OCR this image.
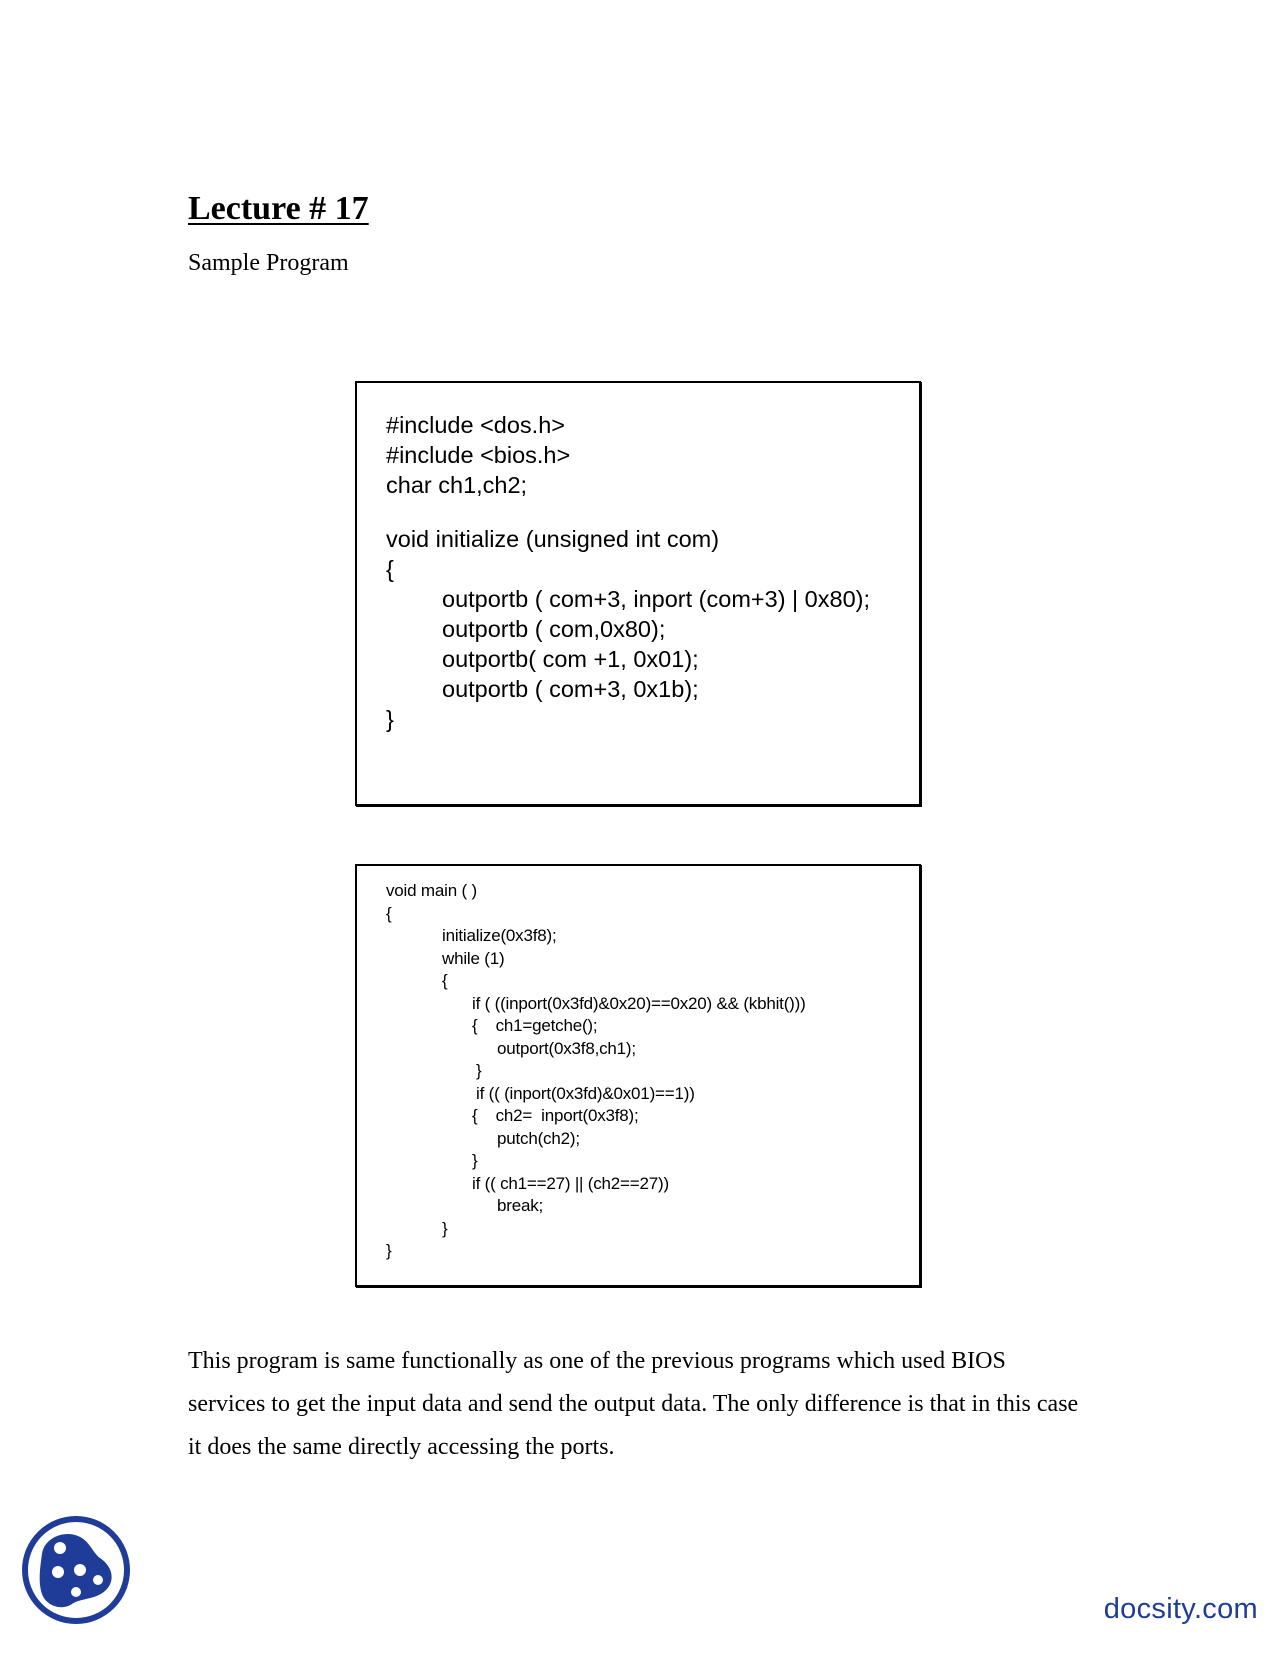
Lecture # 17

Sample Program

#include <dos.h>
#include <bios.h>
char ch1,ch2;
void initialize (unsigned int com)
{
outportb ( com+3, inport (com+3) | 0x80);
outportb ( com,0x80);
outportb( com +1, 0x01);
outportb ( com+3, 0x1b);
}
void main ( )
{
initialize(0x3f8);
while (1)
{
if ( ((inport(0x3fd)&0x20)==0x20) && (kbhit()))
{    ch1=getche();
outport(0x3f8,ch1);
}
if (( (inport(0x3fd)&0x01)==1))
{    ch2=  inport(0x3f8);
putch(ch2);
}
if (( ch1==27) || (ch2==27))
break;
}
}

This program is same functionally as one of the previous programs which used BIOS services to get the input data and send the output data. The only difference is that in this case it does the same directly accessing the ports.

docsity.com
